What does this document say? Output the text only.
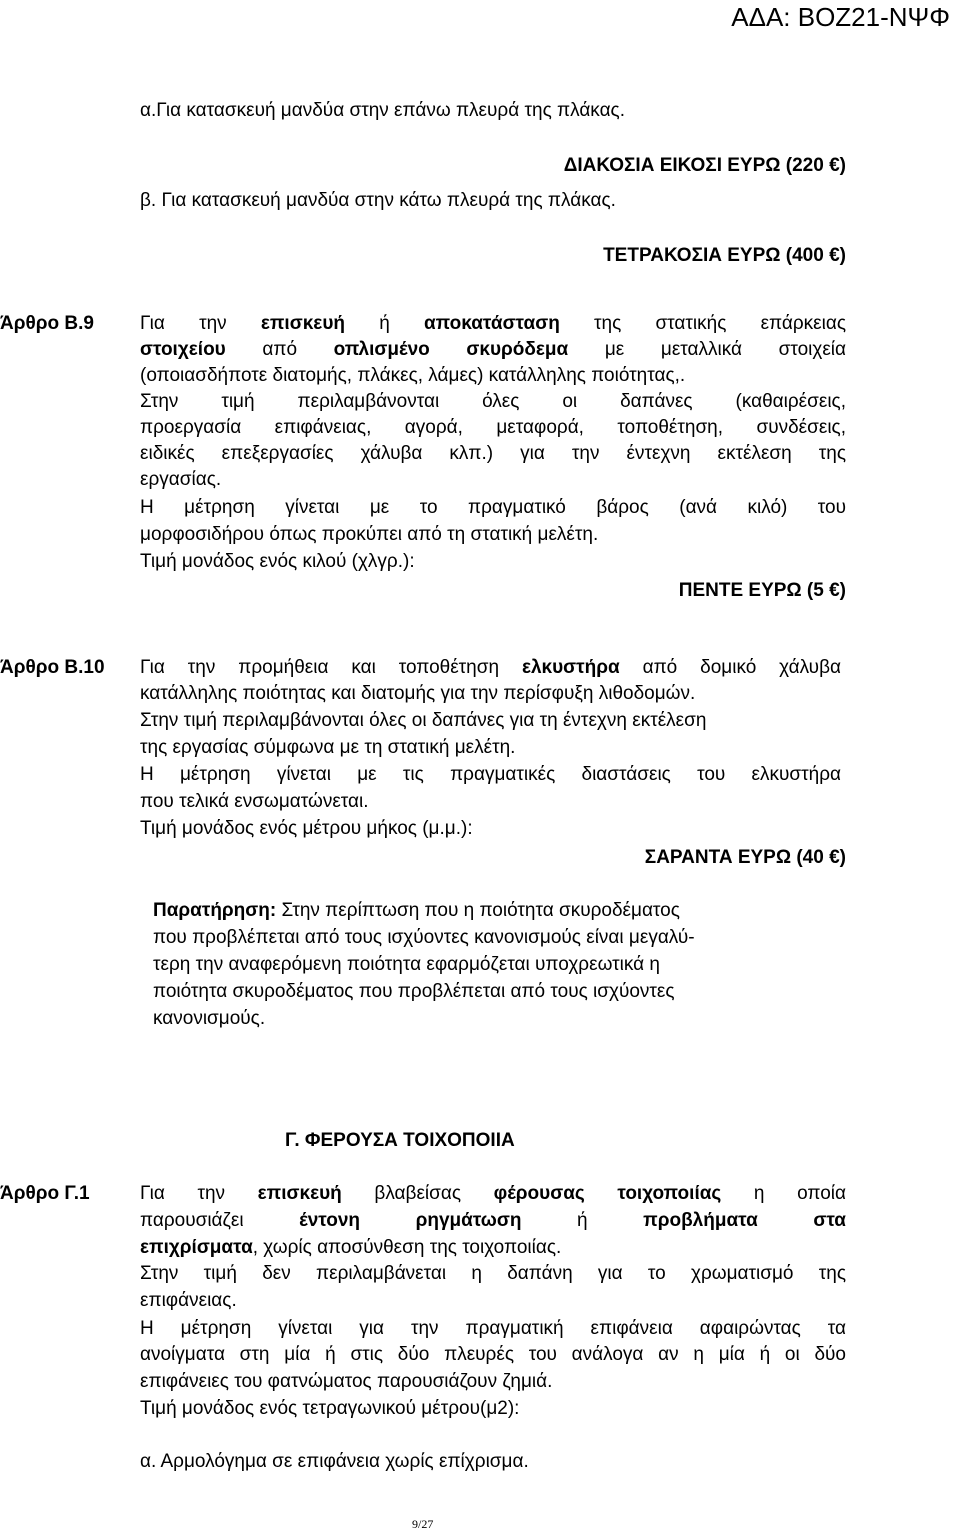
ΑΔΑ: ΒΟΖ21-ΝΨΦ
α.Για κατασκευή μανδύα στην επάνω πλευρά της πλάκας.
ΔΙΑΚΟΣΙΑ ΕΙΚΟΣΙ ΕΥΡΩ (220 €)
β. Για κατασκευή μανδύα στην κάτω πλευρά της πλάκας.
ΤΕΤΡΑΚΟΣΙΑ ΕΥΡΩ (400 €)
Άρθρο Β.9 Για την επισκευή ή αποκατάσταση της στατικής επάρκειας
στοιχείου από οπλισμένο σκυρόδεμα με μεταλλικά στοιχεία
(οποιασδήποτε διατομής, πλάκες, λάμες) κατάλληλης ποιότητας,.
Στην τιμή περιλαμβάνονται όλες οι δαπάνες (καθαιρέσεις,
προεργασία επιφάνειας, αγορά, μεταφορά, τοποθέτηση, συνδέσεις,
ειδικές επεξεργασίες χάλυβα κλπ.) για την έντεχνη εκτέλεση της
εργασίας.
Η μέτρηση γίνεται με το πραγματικό βάρος (ανά κιλό) του
μορφοσιδήρου όπως προκύπει από τη στατική μελέτη.
Τιμή μονάδος ενός κιλού (χλγρ.):
ΠΕΝΤΕ ΕΥΡΩ (5 €)
Άρθρο Β.10 Για την προμήθεια και τοποθέτηση ελκυστήρα από δομικό χάλυβα
κατάλληλης ποιότητας και διατομής για την περίσφυξη λιθοδομών.
Στην τιμή περιλαμβάνονται όλες οι δαπάνες για τη έντεχνη εκτέλεση
της εργασίας σύμφωνα με τη στατική μελέτη.
Η μέτρηση γίνεται με τις πραγματικές διαστάσεις του ελκυστήρα
που τελικά ενσωματώνεται.
Τιμή μονάδος ενός μέτρου μήκος (μ.μ.):
ΣΑΡΑΝΤΑ ΕΥΡΩ (40 €)
Παρατήρηση: Στην περίπτωση που η ποιότητα σκυροδέματος
που προβλέπεται από τους ισχύοντες κανονισμούς είναι μεγαλύ-
τερη την αναφερόμενη ποιότητα εφαρμόζεται υποχρεωτικά η
ποιότητα σκυροδέματος που προβλέπεται από τους ισχύοντες
κανονισμούς.
Γ. ΦΕΡΟΥΣΑ ΤΟΙΧΟΠΟΙΙΑ
Άρθρο Γ.1	Για την επισκευή βλαβείσας φέρουσας τοιχοποιίας η οποία
παρουσιάζει έντονη ρηγμάτωση ή προβλήματα στα
επιχρίσματα, χωρίς αποσύνθεση της τοιχοποιίας.
Στην τιμή δεν περιλαμβάνεται η δαπάνη για το χρωματισμό της
επιφάνειας.
Η μέτρηση γίνεται για την πραγματική επιφάνεια αφαιρώντας τα
ανοίγματα στη μία ή στις δύο πλευρές του ανάλογα αν η μία ή οι δύο
επιφάνειες του φατνώματος παρουσιάζουν ζημιά.
Τιμή μονάδος ενός τετραγωνικού μέτρου(μ2):
α. Αρμολόγημα σε επιφάνεια χωρίς επίχρισμα.
9/27
